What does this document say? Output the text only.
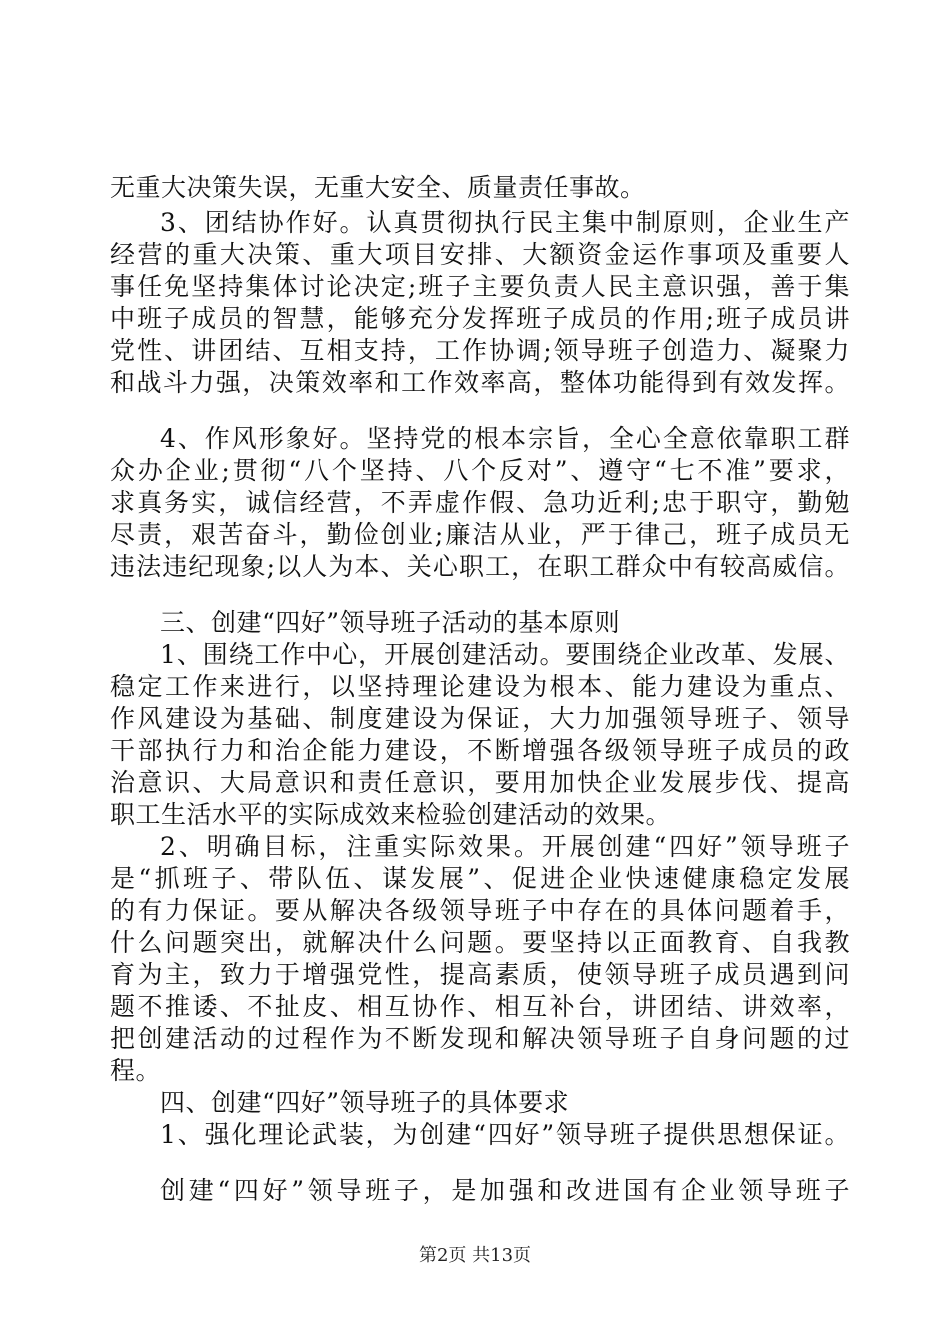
无重大决策失误，无重大安全、质量责任事故。
3、团结协作好。认真贯彻执行民主集中制原则，企业生产
经营的重大决策、重大项目安排、大额资金运作事项及重要人
事任免坚持集体讨论决定;班子主要负责人民主意识强，善于集
中班子成员的智慧，能够充分发挥班子成员的作用;班子成员讲
党性、讲团结、互相支持，工作协调;领导班子创造力、凝聚力
和战斗力强，决策效率和工作效率高，整体功能得到有效发挥。
4、作风形象好。坚持党的根本宗旨，全心全意依靠职工群
众办企业;贯彻“八个坚持、八个反对”、遵守“七不准”要求，
求真务实，诚信经营，不弄虚作假、急功近利;忠于职守，勤勉
尽责，艰苦奋斗，勤俭创业;廉洁从业，严于律己，班子成员无
违法违纪现象;以人为本、关心职工，在职工群众中有较高威信。
三、创建“四好”领导班子活动的基本原则
1、围绕工作中心，开展创建活动。要围绕企业改革、发展、
稳定工作来进行，以坚持理论建设为根本、能力建设为重点、
作风建设为基础、制度建设为保证，大力加强领导班子、领导
干部执行力和治企能力建设，不断增强各级领导班子成员的政
治意识、大局意识和责任意识，要用加快企业发展步伐、提高
职工生活水平的实际成效来检验创建活动的效果。
2、明确目标，注重实际效果。开展创建“四好”领导班子
是“抓班子、带队伍、谋发展”、促进企业快速健康稳定发展
的有力保证。要从解决各级领导班子中存在的具体问题着手，
什么问题突出，就解决什么问题。要坚持以正面教育、自我教
育为主，致力于增强党性，提高素质，使领导班子成员遇到问
题不推诿、不扯皮、相互协作、相互补台，讲团结、讲效率，
把创建活动的过程作为不断发现和解决领导班子自身问题的过
程。
四、创建“四好”领导班子的具体要求
1、强化理论武装，为创建“四好”领导班子提供思想保证。
创建“四好”领导班子，是加强和改进国有企业领导班子
第2页 共13页
